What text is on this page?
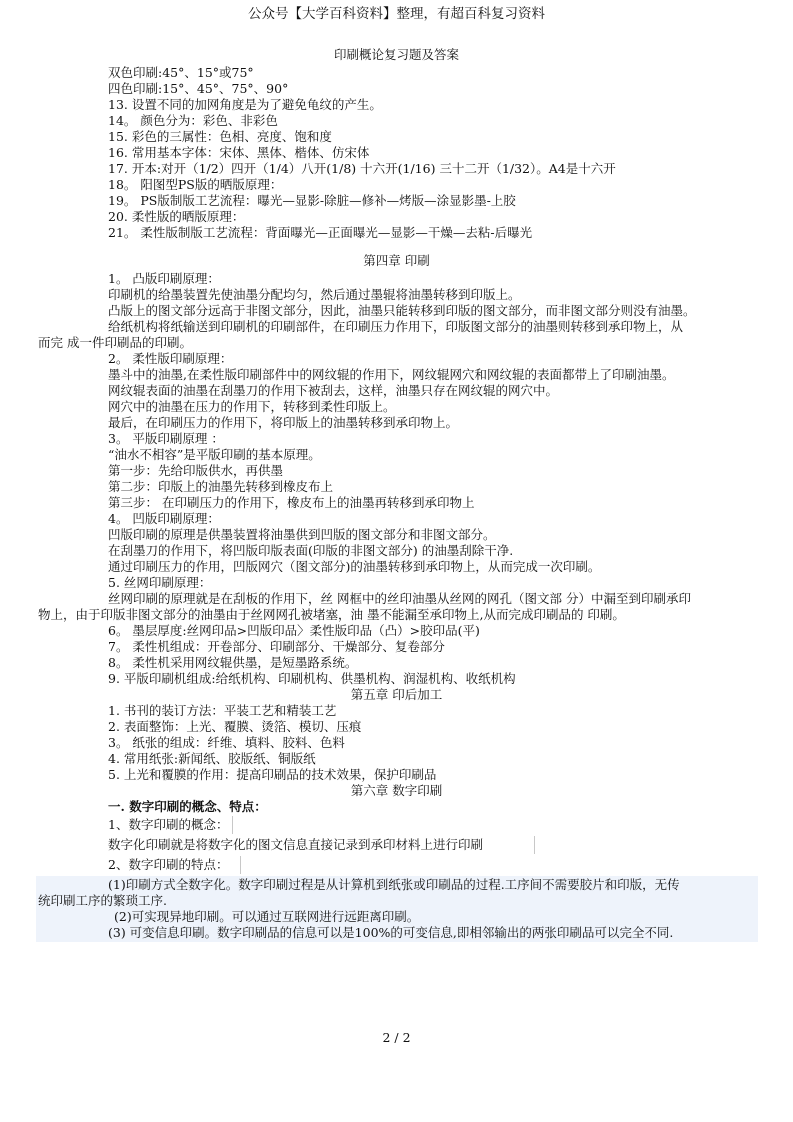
公众号【大学百科资料】整理，有超百科复习资料
印刷概论复习题及答案
双色印刷:45°、15°或75°
四色印刷:15°、45°、75°、90°
13. 设置不同的加网角度是为了避免龟纹的产生。
14。 颜色分为：彩色、非彩色
15. 彩色的三属性：色相、亮度、饱和度
16. 常用基本字体：宋体、黑体、楷体、仿宋体
17. 开本:对开（1/2）四开（1/4）八开(1/8) 十六开(1/16) 三十二开（1/32）。A4是十六开
18。 阳图型PS版的晒版原理：
19。 PS版制版工艺流程：曝光—显影-除脏—修补—烤版—涂显影墨-上胶
20. 柔性版的晒版原理：
21。 柔性版制版工艺流程：背面曝光—正面曝光—显影—干燥—去粘-后曝光
第四章 印刷
1。 凸版印刷原理：
印刷机的给墨装置先使油墨分配均匀，然后通过墨辊将油墨转移到印版上。
凸版上的图文部分远高于非图文部分，因此，油墨只能转移到印版的图文部分，而非图文部分则没有油墨。
给纸机构将纸输送到印刷机的印刷部件，在印刷压力作用下，印版图文部分的油墨则转移到承印物上，从
而完 成一件印刷品的印刷。
2。 柔性版印刷原理：
墨斗中的油墨,在柔性版印刷部件中的网纹辊的作用下，网纹辊网穴和网纹辊的表面都带上了印刷油墨。
网纹辊表面的油墨在刮墨刀的作用下被刮去，这样，油墨只存在网纹辊的网穴中。
网穴中的油墨在压力的作用下，转移到柔性印版上。
最后，在印刷压力的作用下，将印版上的油墨转移到承印物上。
3。 平版印刷原理 ：
“油水不相容”是平版印刷的基本原理。
第一步：先给印版供水，再供墨
第二步：印版上的油墨先转移到橡皮布上
第三步： 在印刷压力的作用下，橡皮布上的油墨再转移到承印物上
4。 凹版印刷原理：
凹版印刷的原理是供墨装置将油墨供到凹版的图文部分和非图文部分。
在刮墨刀的作用下，将凹版印版表面(印版的非图文部分) 的油墨刮除干净.
通过印刷压力的作用，凹版网穴（图文部分)的油墨转移到承印物上，从而完成一次印刷。
5. 丝网印刷原理：
丝网印刷的原理就是在刮板的作用下，丝 网框中的丝印油墨从丝网的网孔（图文部 分）中漏至到印刷承印
物上，由于印版非图文部分的油墨由于丝网网孔被堵塞，油 墨不能漏至承印物上,从而完成印刷品的 印刷。
6。 墨层厚度:丝网印品>凹版印品〉柔性版印品（凸）>胶印品(平)
7。 柔性机组成：开卷部分、印刷部分、干燥部分、复卷部分
8。 柔性机采用网纹辊供墨，是短墨路系统。
9. 平版印刷机组成:给纸机构、印刷机构、供墨机构、润湿机构、收纸机构
第五章 印后加工
1. 书刊的装订方法：平装工艺和精装工艺
2. 表面整饰：上光、覆膜、烫箔、模切、压痕
3。 纸张的组成：纤维、填料、胶料、色料
4. 常用纸张:新闻纸、胶版纸、铜版纸
5. 上光和覆膜的作用：提高印刷品的技术效果，保护印刷品
第六章 数字印刷
一. 数字印刷的概念、特点：
1、数字印刷的概念：
数字化印刷就是将数字化的图文信息直接记录到承印材料上进行印刷
2、数字印刷的特点：
(1)印刷方式全数字化。数字印刷过程是从计算机到纸张或印刷品的过程.工序间不需要胶片和印版，无传
统印刷工序的繁琐工序.
(2)可实现异地印刷。可以通过互联网进行远距离印刷。
(3) 可变信息印刷。数字印刷品的信息可以是100%的可变信息,即相邻输出的两张印刷品可以完全不同.
2 / 2
